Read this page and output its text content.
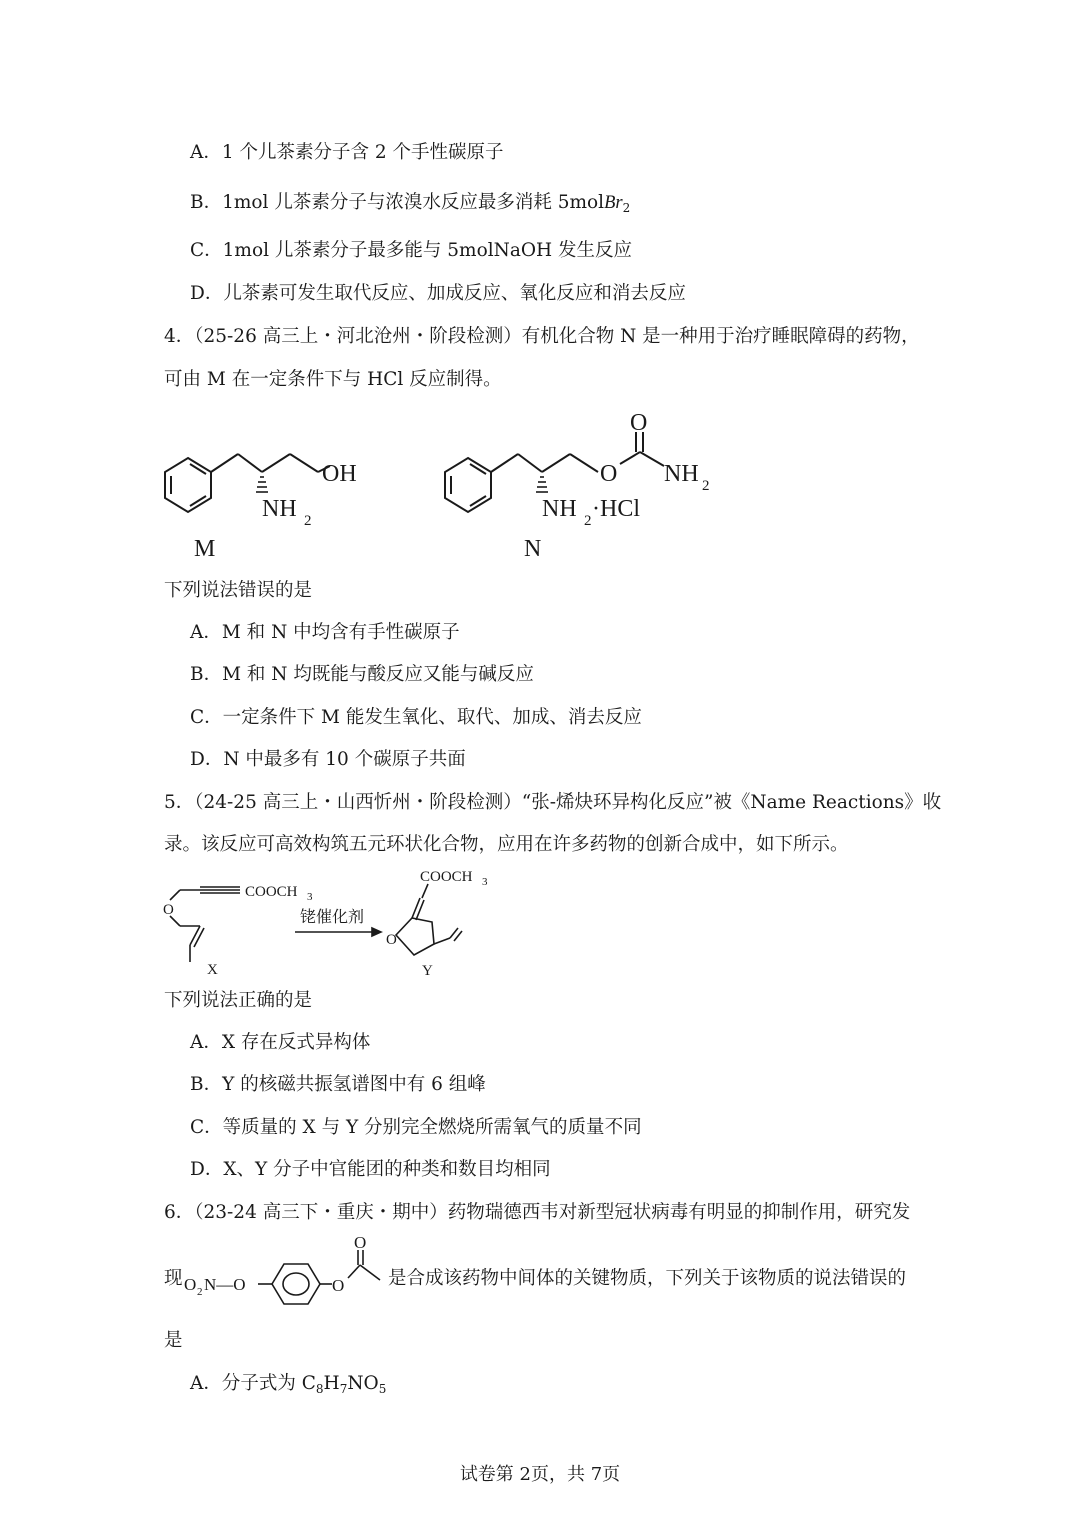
A．1 个儿茶素分子含 2 个手性碳原子
B．1mol 儿茶素分子与浓溴水反应最多消耗 5molBr$_2$
C．1mol 儿茶素分子最多能与 5molNaOH 发生反应
D．儿茶素可发生取代反应、加成反应、氧化反应和消去反应
4．（25-26 高三上・河北沧州・阶段检测）有机化合物 N 是一种用于治疗睡眠障碍的药物，
可由 M 在一定条件下与 HCl 反应制得。
OH
NH 2
M
O
O NH 2
NH 2 ·HCl
N
下列说法错误的是
A．M 和 N 中均含有手性碳原子
B．M 和 N 均既能与酸反应又能与碱反应
C．一定条件下 M 能发生氧化、取代、加成、消去反应
D．N 中最多有 10 个碳原子共面
5．（24-25 高三上・山西忻州・阶段检测）“张-烯炔环异构化反应”被《Name Reactions》收
录。该反应可高效构筑五元环状化合物，应用在许多药物的创新合成中，如下所示。
COOCH 3
O
X
铑催化剂
COOCH 3
O
Y
下列说法正确的是
A．X 存在反式异构体
B．Y 的核磁共振氢谱图中有 6 组峰
C．等质量的 X 与 Y 分别完全燃烧所需氧气的质量不同
D．X、Y 分子中官能团的种类和数目均相同
6．（23-24 高三下・重庆・期中）药物瑞德西韦对新型冠状病毒有明显的抑制作用，研究发
现 O 2 N—O	O
O
是合成该药物中间体的关键物质，下列关于该物质的说法错误的
是
A．分子式为 $C_8H_7NO_5$
试卷第 2页，共 7页
